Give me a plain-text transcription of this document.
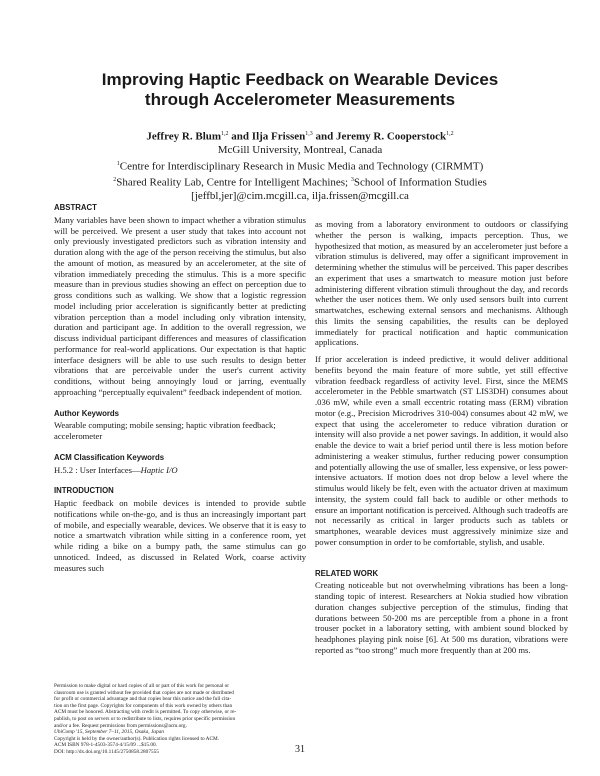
Improving Haptic Feedback on Wearable Devices
through Accelerometer Measurements
Jeffrey R. Blum$^{1,2}$ and Ilja Frissen$^{1,3}$ and Jeremy R. Cooperstock$^{1,2}$
McGill University, Montreal, Canada
$^1$Centre for Interdisciplinary Research in Music Media and Technology (CIRMMT)
$^2$Shared Reality Lab, Centre for Intelligent Machines; $^3$School of Information Studies
[jeffbl,jer]@cim.mcgill.ca, ilja.frissen@mcgill.ca
ABSTRACT

Many variables have been shown to impact whether a vibration stimulus will be perceived. We present a user study that takes into account not only previously investigated predictors such as vibration intensity and duration along with the age of the person receiving the stimulus, but also the amount of motion, as measured by an accelerometer, at the site of vibration immediately preceding the stimulus. This is a more specific measure than in previous studies showing an effect on perception due to gross conditions such as walking. We show that a logistic regression model including prior acceleration is significantly better at predicting vibration perception than a model including only vibration intensity, duration and participant age. In addition to the overall regression, we discuss individual participant differences and measures of classification performance for real-world applications. Our expectation is that haptic interface designers will be able to use such results to design better vibrations that are perceivable under the user's current activity conditions, without being annoyingly loud or jarring, eventually approaching “perceptually equivalent” feedback independent of motion.

Author Keywords

Wearable computing; mobile sensing; haptic vibration feedback; accelerometer

ACM Classification Keywords

H.5.2 : User Interfaces—Haptic I/O

INTRODUCTION

Haptic feedback on mobile devices is intended to provide subtle notifications while on-the-go, and is thus an increasingly important part of mobile, and especially wearable, devices. We observe that it is easy to notice a smartwatch vibration while sitting in a conference room, yet while riding a bike on a bumpy path, the same stimulus can go unnoticed. Indeed, as discussed in Related Work, coarse activity measures such

as moving from a laboratory environment to outdoors or classifying whether the person is walking, impacts perception. Thus, we hypothesized that motion, as measured by an accelerometer just before a vibration stimulus is delivered, may offer a significant improvement in determining whether the stimulus will be perceived. This paper describes an experiment that uses a smartwatch to measure motion just before administering different vibration stimuli throughout the day, and records whether the user notices them. We only used sensors built into current smartwatches, eschewing external sensors and mechanisms. Although this limits the sensing capabilities, the results can be deployed immediately for practical notification and haptic communication applications.

If prior acceleration is indeed predictive, it would deliver additional benefits beyond the main feature of more subtle, yet still effective vibration feedback regardless of activity level. First, since the MEMS accelerometer in the Pebble smartwatch (ST LIS3DH) consumes about .036 mW, while even a small eccentric rotating mass (ERM) vibration motor (e.g., Precision Microdrives 310-004) consumes about 42 mW, we expect that using the accelerometer to reduce vibration duration or intensity will also provide a net power savings. In addition, it would also enable the device to wait a brief period until there is less motion before administering a weaker stimulus, further reducing power consumption and potentially allowing the use of smaller, less expensive, or less power-intensive actuators. If motion does not drop below a level where the stimulus would likely be felt, even with the actuator driven at maximum intensity, the system could fall back to audible or other methods to ensure an important notification is perceived. Although such tradeoffs are not necessarily as critical in larger products such as tablets or smartphones, wearable devices must aggressively minimize size and power consumption in order to be comfortable, stylish, and usable.

RELATED WORK

Creating noticeable but not overwhelming vibrations has been a long-standing topic of interest. Researchers at Nokia studied how vibration duration changes subjective perception of the stimulus, finding that durations between 50-200 ms are perceptible from a phone in a front trouser pocket in a laboratory setting, with ambient sound blocked by headphones playing pink noise [6]. At 500 ms duration, vibrations were reported as “too strong” much more frequently than at 200 ms.

Permission to make digital or hard copies of all or part of this work for personal or
classroom use is granted without fee provided that copies are not made or distributed
for profit or commercial advantage and that copies bear this notice and the full cita-
tion on the first page. Copyrights for components of this work owned by others than
ACM must be honored. Abstracting with credit is permitted. To copy otherwise, or re-
publish, to post on servers or to redistribute to lists, requires prior specific permission
and/or a fee. Request permissions from permissions@acm.org.
UbiComp '15, September 7–11, 2015, Osaka, Japan
Copyright is held by the owner/author(s). Publication rights licensed to ACM.
ACM ISBN 978-1-4503-3574-4/15/09 ...$15.00.
DOI: http://dx.doi.org/10.1145/2750858.2807555	31
